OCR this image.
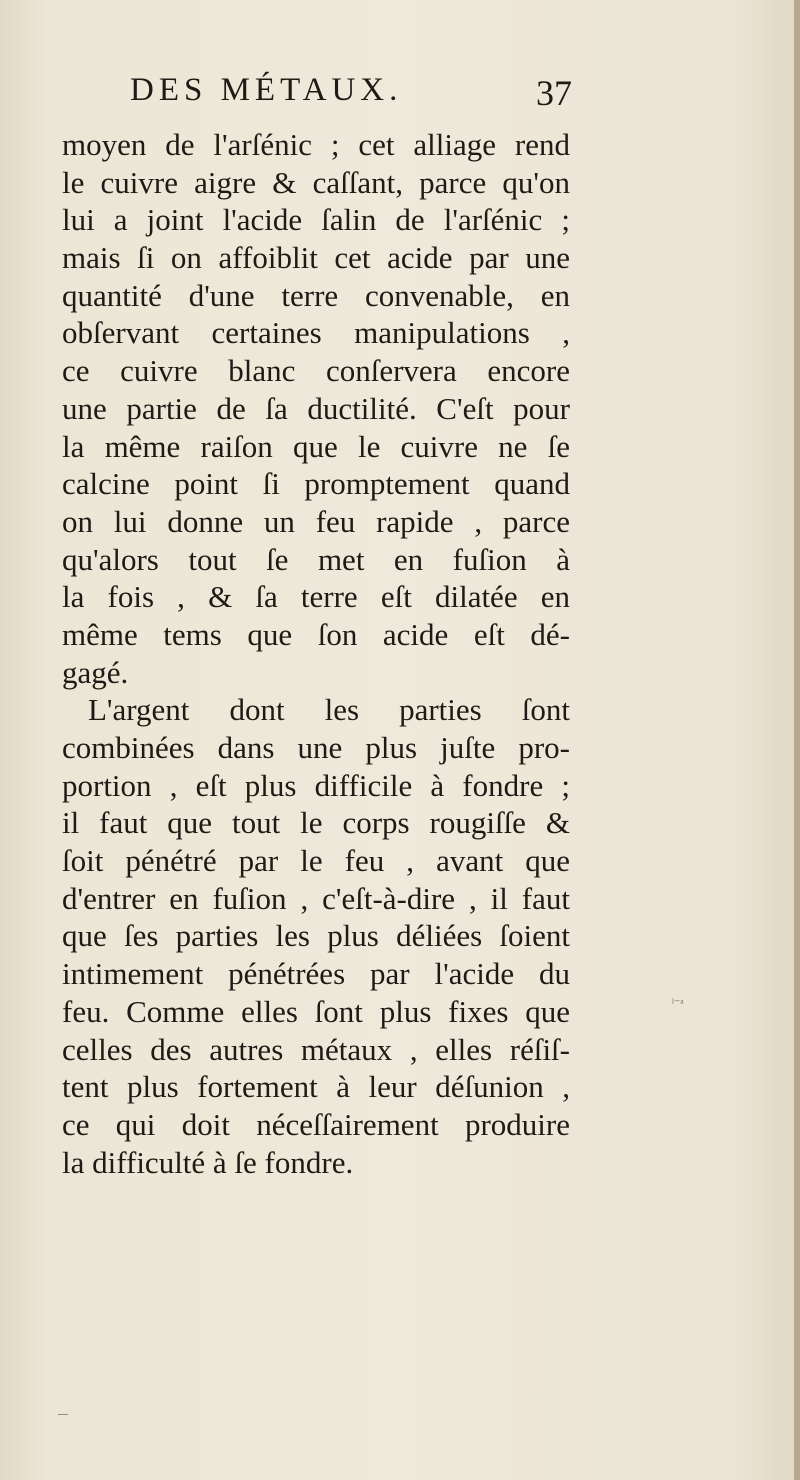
DES MÉTAUX.	37
moyen de l'arſénic ; cet alliage rend
le cuivre aigre & caſſant, parce qu'on
lui a joint l'acide ſalin de l'arſénic ;
mais ſi on affoiblit cet acide par une
quantité d'une terre convenable, en
obſervant certaines manipulations ,
ce cuivre blanc conſervera encore
une partie de ſa ductilité. C'eſt pour
la même raiſon que le cuivre ne ſe
calcine point ſi promptement quand
on lui donne un feu rapide , parce
qu'alors tout ſe met en fuſion à
la fois , & ſa terre eſt dilatée en
même tems que ſon acide eſt dé-
gagé.
L'argent dont les parties ſont
combinées dans une plus juſte pro-
portion , eſt plus difficile à fondre ;
il faut que tout le corps rougiſſe &
ſoit pénétré par le feu , avant que
d'entrer en fuſion , c'eſt-à-dire , il faut
que ſes parties les plus déliées ſoient
intimement pénétrées par l'acide du
feu. Comme elles ſont plus fixes que
celles des autres métaux , elles réſiſ-
tent plus fortement à leur déſunion ,
ce qui doit néceſſairement produire
la difficulté à ſe fondre.
ˡ⁻ᵃ
